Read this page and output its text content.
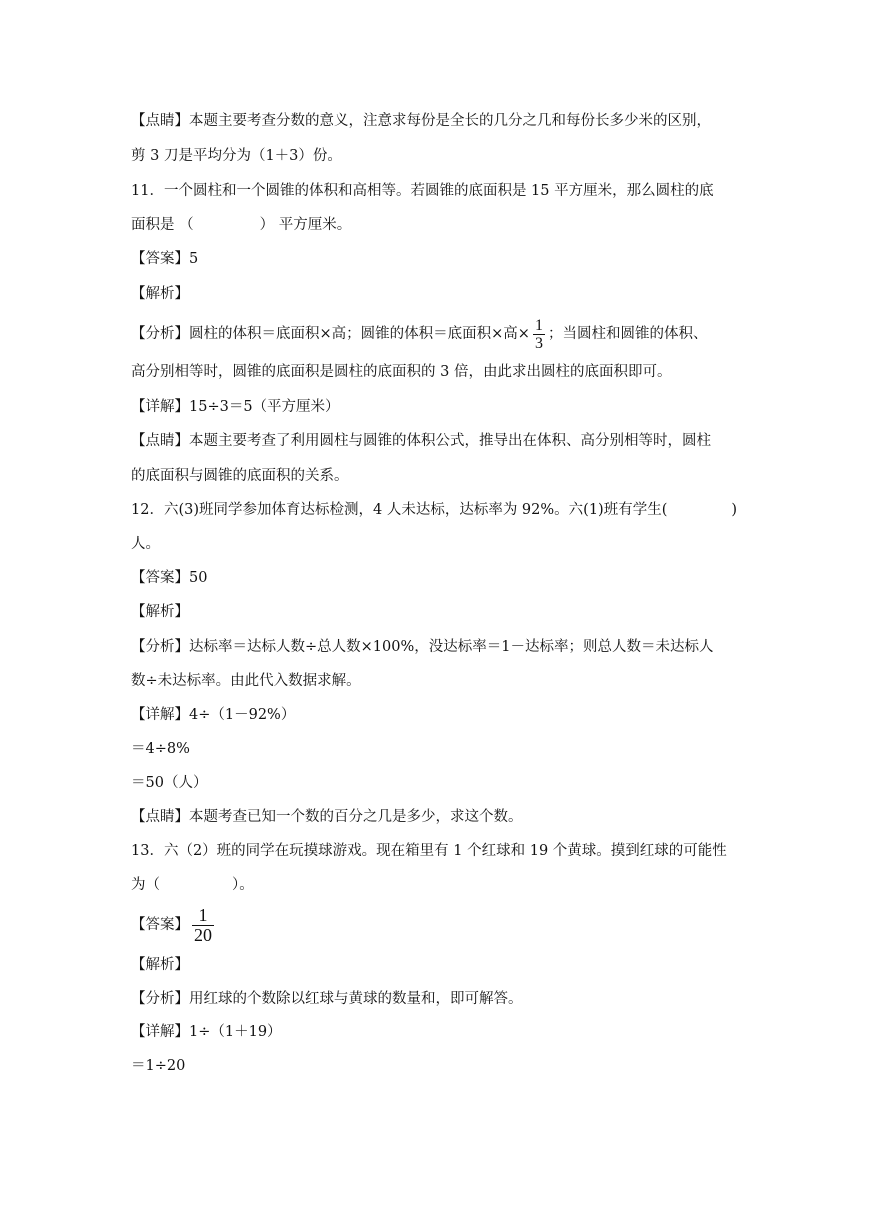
【点睛】本题主要考查分数的意义，注意求每份是全长的几分之几和每份长多少米的区别，
剪 3 刀是平均分为（1＋3）份。
11．一个圆柱和一个圆锥的体积和高相等。若圆锥的底面积是 15 平方厘米，那么圆柱的底
面积是 （	） 平方厘米。
【答案】5
【解析】
【分析】圆柱的体积＝底面积×高；圆锥的体积＝底面积×高× $\frac{1}{3}$ ；当圆柱和圆锥的体积、
高分别相等时，圆锥的底面积是圆柱的底面积的 3 倍，由此求出圆柱的底面积即可。
【详解】15÷3＝5（平方厘米）
【点睛】本题主要考查了利用圆柱与圆锥的体积公式，推导出在体积、高分别相等时，圆柱
的底面积与圆锥的底面积的关系。
12．六(3)班同学参加体育达标检测，4 人未达标，达标率为 92%。六(1)班有学生(	)
人。
【答案】50
【解析】
【分析】达标率＝达标人数÷总人数×100%，没达标率＝1－达标率；则总人数＝未达标人
数÷未达标率。由此代入数据求解。
【详解】4÷（1－92%）
＝4÷8%
＝50（人）
【点睛】本题考查已知一个数的百分之几是多少，求这个数。
13．六（2）班的同学在玩摸球游戏。现在箱里有 1 个红球和 19 个黄球。摸到红球的可能性
为（	）。
【答案】 $\frac{1}{20}$
【解析】
【分析】用红球的个数除以红球与黄球的数量和，即可解答。
【详解】1÷（1＋19）
＝1÷20
